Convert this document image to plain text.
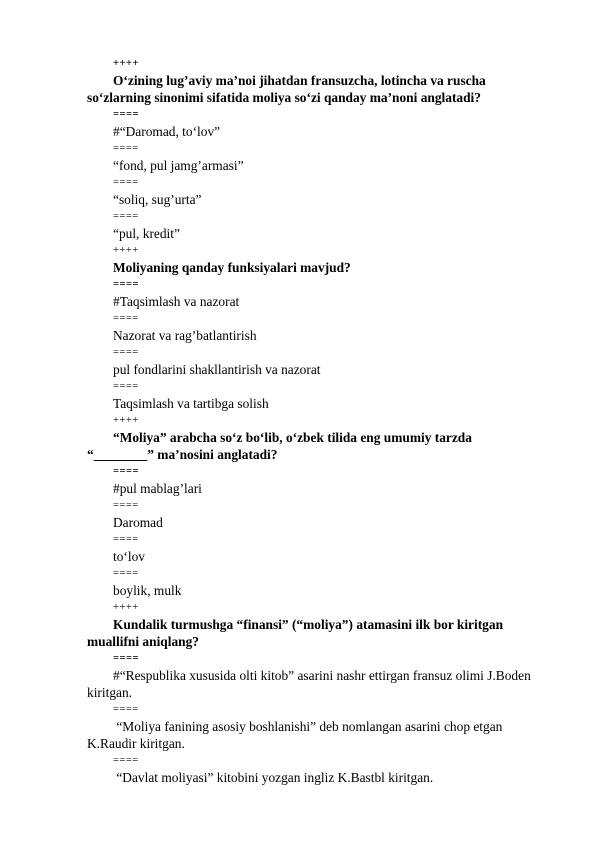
++++
O‘zining lug’aviy ma’noi jihatdan fransuzcha, lotincha va ruscha
so‘zlarning sinonimi sifatida moliya so‘zi qanday ma’noni anglatadi?
====
#“Daromad, to‘lov”
====
“fond, pul jamg’armasi”
====
“soliq, sug’urta”
====
“pul, kredit”
++++
Moliyaning qanday funksiyalari mavjud?
====
#Taqsimlash va nazorat
====
Nazorat va rag’batlantirish
====
pul fondlarini shakllantirish va nazorat
====
Taqsimlash va tartibga solish
++++
“Moliya” arabcha so‘z bo‘lib, o‘zbek tilida eng umumiy tarzda
“________” ma’nosini anglatadi?
====
#pul mablag’lari
====
Daromad
====
to‘lov
====
boylik, mulk
++++
Kundalik turmushga “finansi” (“moliya”) atamasini ilk bor kiritgan
muallifni aniqlang?
====
#“Respublika xususida olti kitob” asarini nashr ettirgan fransuz olimi J.Boden
kiritgan.
====
“Moliya fanining asosiy boshlanishi” deb nomlangan asarini chop etgan
K.Raudir kiritgan.
====
“Davlat moliyasi” kitobini yozgan ingliz K.Bastbl kiritgan.
